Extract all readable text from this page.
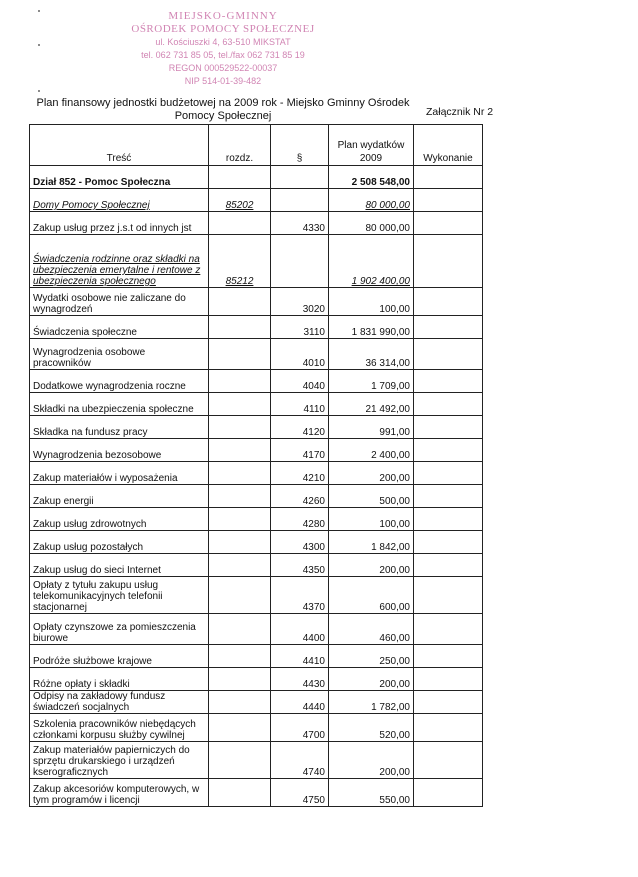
MIEJSKO-GMINNY
OŚRODEK POMOCY SPOŁECZNEJ
ul. Kościuszki 4, 63-510 MIKSTAT
tel. 062 731 85 05, tel./fax 062 731 85 19
REGON 000529522-00037
NIP 514-01-39-482
Plan finansowy jednostki budżetowej na 2009 rok - Miejsko Gminny Ośrodek Pomocy Społecznej	Załącznik Nr 2
Treść	rozdz.	§	Plan wydatków 2009	Wykonanie
Dział 852 - Pomoc Społeczna			2 508 548,00	
Domy Pomocy Społecznej	85202		80 000,00	
Zakup usług przez j.s.t od innych jst		4330	80 000,00	
Świadczenia rodzinne oraz składki na ubezpieczenia emerytalne i rentowe z ubezpieczenia społecznego	85212		1 902 400,00	
Wydatki osobowe nie zaliczane do wynagrodzeń		3020	100,00	
Świadczenia społeczne		3110	1 831 990,00	
Wynagrodzenia osobowe pracowników		4010	36 314,00	
Dodatkowe wynagrodzenia roczne		4040	1 709,00	
Składki na ubezpieczenia społeczne		4110	21 492,00	
Składka na fundusz pracy		4120	991,00	
Wynagrodzenia bezosobowe		4170	2 400,00	
Zakup materiałów i wyposażenia		4210	200,00	
Zakup energii		4260	500,00	
Zakup usług zdrowotnych		4280	100,00	
Zakup usług pozostałych		4300	1 842,00	
Zakup usług do sieci Internet		4350	200,00	
Opłaty z tytułu zakupu usług telekomunikacyjnych telefonii stacjonarnej		4370	600,00	
Opłaty czynszowe za pomieszczenia biurowe		4400	460,00	
Podróże służbowe krajowe		4410	250,00	
Różne opłaty i składki		4430	200,00	
Odpisy na zakładowy fundusz świadczeń socjalnych		4440	1 782,00	
Szkolenia pracowników niebędących członkami korpusu służby cywilnej		4700	520,00	
Zakup materiałów papierniczych do sprzętu drukarskiego i urządzeń kserograficznych		4740	200,00	
Zakup akcesoriów komputerowych, w tym programów i licencji		4750	550,00	
